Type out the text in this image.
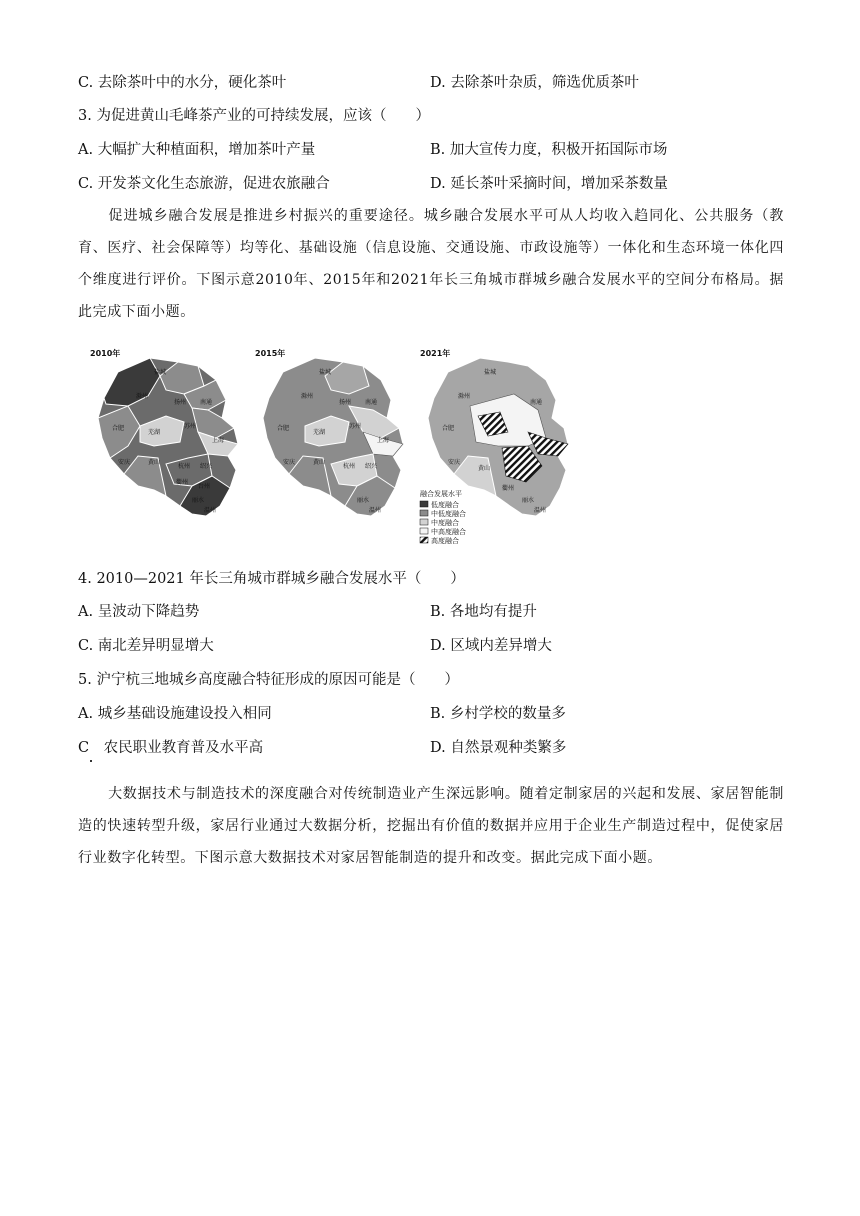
C. 去除茶叶中的水分，硬化茶叶	D. 去除茶叶杂质，筛选优质茶叶
3. 为促进黄山毛峰茶产业的可持续发展，应该（　　）
A. 大幅扩大种植面积，增加茶叶产量	B. 加大宣传力度，积极开拓国际市场
C. 开发茶文化生态旅游，促进农旅融合	D. 延长茶叶采摘时间，增加采茶数量
促进城乡融合发展是推进乡村振兴的重要途径。城乡融合发展水平可从人均收入趋同化、公共服务（教育、医疗、社会保障等）均等化、基础设施（信息设施、交通设施、市政设施等）一体化和生态环境一体化四个维度进行评价。下图示意2010年、2015年和2021年长三角城市群城乡融合发展水平的空间分布格局。据此完成下面小题。
2010年
盐城
滁州
扬州 南通
合肥
芜湖
苏州
上海
安庆	黄山
杭州 绍兴
衢州
台州
丽水
温州
2015年
盐城
滁州
扬州 南通
合肥
芜湖
苏州
上海
安庆	黄山
杭州 绍兴
丽水
温州
2021年
盐城
滁州
南通
合肥
安庆
黄山
衢州
丽水
温州
融合发展水平
低度融合
中低度融合
中度融合
中高度融合
高度融合
4. 2010—2021 年长三角城市群城乡融合发展水平（　　）
A. 呈波动下降趋势	B. 各地均有提升
C. 南北差异明显增大	D. 区域内差异增大
5. 沪宁杭三地城乡高度融合特征形成的原因可能是（　　）
A. 城乡基础设施建设投入相同	B. 乡村学校的数量多
C　农民职业教育普及水平高	D. 自然景观种类繁多
大数据技术与制造技术的深度融合对传统制造业产生深远影响。随着定制家居的兴起和发展、家居智能制造的快速转型升级，家居行业通过大数据分析，挖掘出有价值的数据并应用于企业生产制造过程中，促使家居行业数字化转型。下图示意大数据技术对家居智能制造的提升和改变。据此完成下面小题。
